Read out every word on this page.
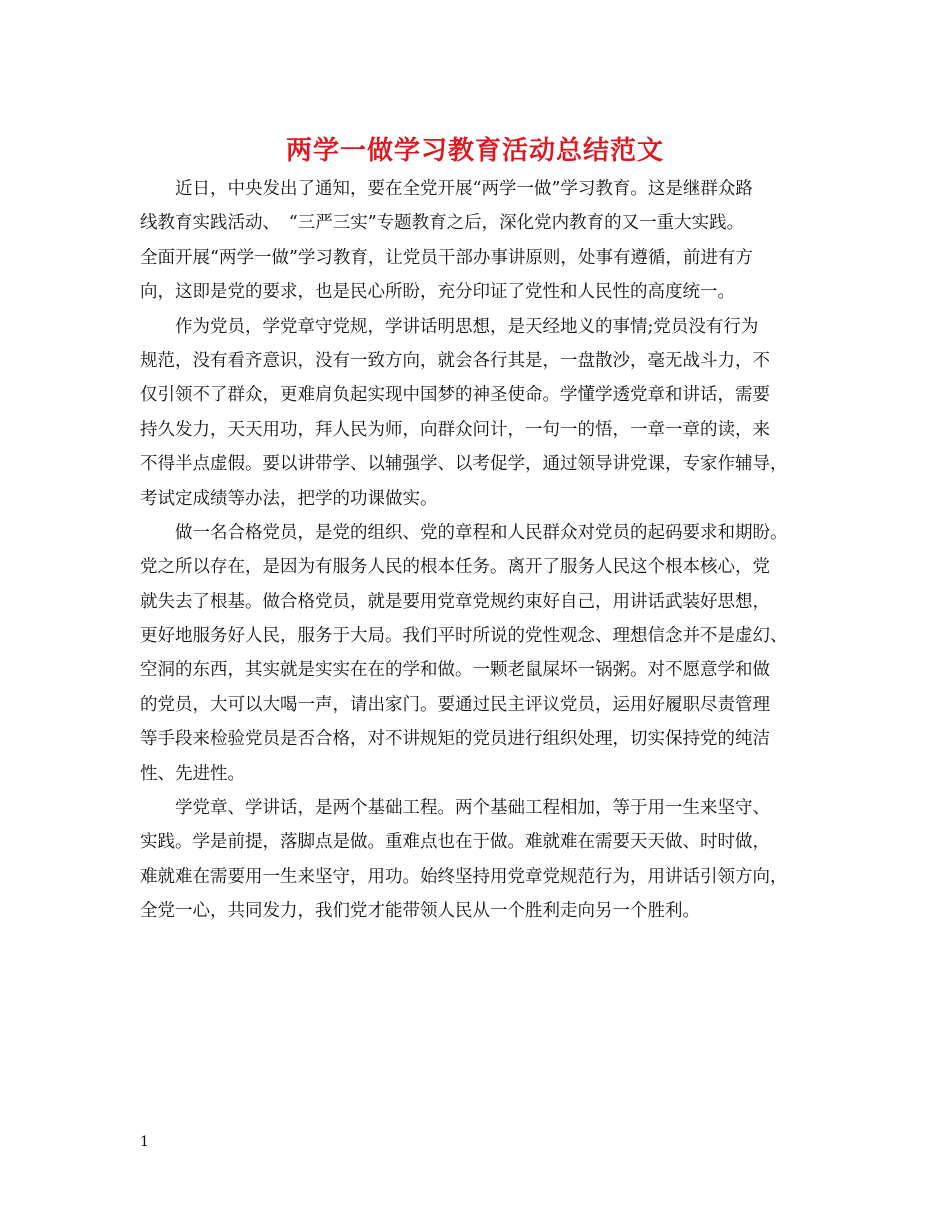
两学一做学习教育活动总结范文
　　近日，中央发出了通知，要在全党开展“两学一做”学习教育。这是继群众路
线教育实践活动、　“三严三实”专题教育之后，深化党内教育的又一重大实践。
全面开展“两学一做”学习教育，让党员干部办事讲原则，处事有遵循，前进有方
向，这即是党的要求，也是民心所盼，充分印证了党性和人民性的高度统一。
　　作为党员，学党章守党规，学讲话明思想，是天经地义的事情;党员没有行为
规范，没有看齐意识，没有一致方向，就会各行其是，一盘散沙，毫无战斗力，不
仅引领不了群众，更难肩负起实现中国梦的神圣使命。学懂学透党章和讲话，需要
持久发力，天天用功，拜人民为师，向群众问计，一句一的悟，一章一章的读，来
不得半点虚假。要以讲带学、以辅强学、以考促学，通过领导讲党课，专家作辅导，
考试定成绩等办法，把学的功课做实。
　　做一名合格党员，是党的组织、党的章程和人民群众对党员的起码要求和期盼。
党之所以存在，是因为有服务人民的根本任务。离开了服务人民这个根本核心，党
就失去了根基。做合格党员，就是要用党章党规约束好自己，用讲话武装好思想，
更好地服务好人民，服务于大局。我们平时所说的党性观念、理想信念并不是虚幻、
空洞的东西，其实就是实实在在的学和做。一颗老鼠屎坏一锅粥。对不愿意学和做
的党员，大可以大喝一声，请出家门。要通过民主评议党员，运用好履职尽责管理
等手段来检验党员是否合格，对不讲规矩的党员进行组织处理，切实保持党的纯洁
性、先进性。
　　学党章、学讲话，是两个基础工程。两个基础工程相加，等于用一生来坚守、
实践。学是前提，落脚点是做。重难点也在于做。难就难在需要天天做、时时做，
难就难在需要用一生来坚守，用功。始终坚持用党章党规范行为，用讲话引领方向，
全党一心，共同发力，我们党才能带领人民从一个胜利走向另一个胜利。
1
